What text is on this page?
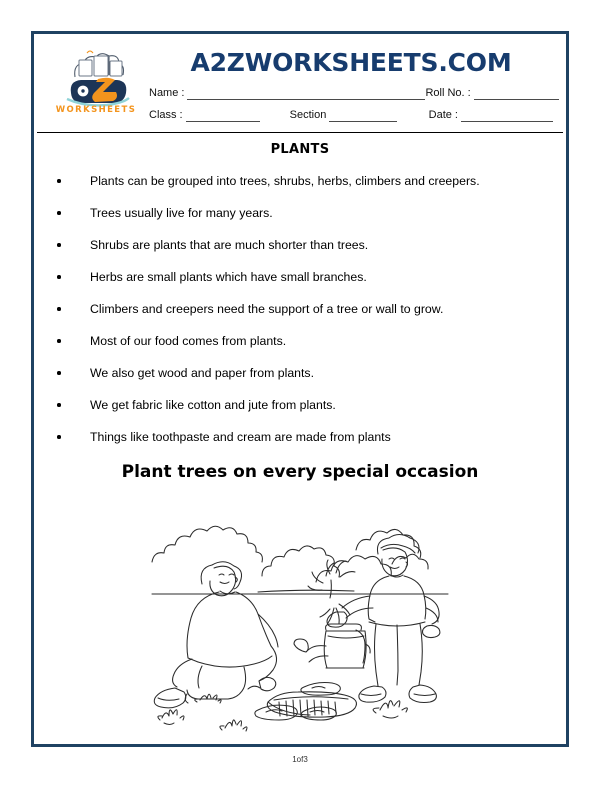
WORKSHEETS
A2ZWORKSHEETS.COM
Name :	Roll No. :
Class :	Section	Date :
PLANTS
Plants can be grouped into trees, shrubs, herbs, climbers and creepers.
Trees usually live for many years.
Shrubs are plants that are much shorter than trees.
Herbs are small plants which have small branches.
Climbers and creepers need the support of a tree or wall to grow.
Most of our food comes from plants.
We also get wood and paper from plants.
We get fabric like cotton and jute from plants.
Things like toothpaste and cream are made from plants
Plant trees on every special occasion
1of3
